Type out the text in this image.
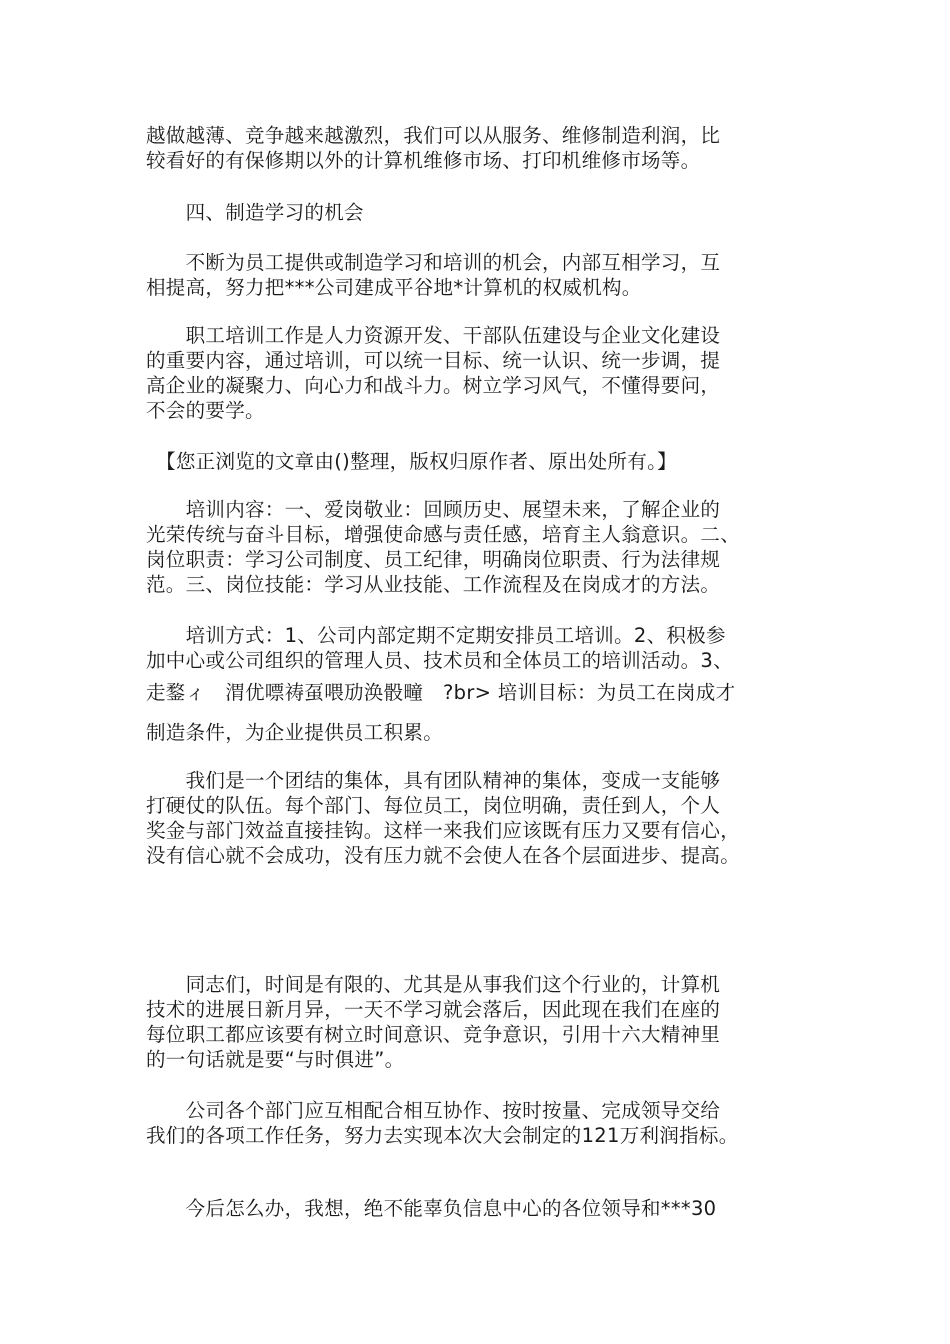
越做越薄、竞争越来越激烈，我们可以从服务、维修制造利润，比
较看好的有保修期以外的计算机维修市场、打印机维修市场等。
　　四、制造学习的机会
　　不断为员工提供或制造学习和培训的机会，内部互相学习，互
相提高，努力把***公司建成平谷地*计算机的权威机构。
　　职工培训工作是人力资源开发、干部队伍建设与企业文化建设
的重要内容，通过培训，可以统一目标、统一认识、统一步调，提
高企业的凝聚力、向心力和战斗力。树立学习风气，不懂得要问，
不会的要学。
　【您正浏览的文章由()整理，版权归原作者、原出处所有。】
　　培训内容：一、爱岗敬业：回顾历史、展望未来，了解企业的
光荣传统与奋斗目标，增强使命感与责任感，培育主人翁意识。二、
岗位职责：学习公司制度、员工纪律，明确岗位职责、行为法律规
范。三、岗位技能：学习从业技能、工作流程及在岗成才的方法。
　　培训方式：1、公司内部定期不定期安排员工培训。2、积极参
加中心或公司组织的管理人员、技术员和全体员工的培训活动。3、
走鍪ィ　渭优嘌祷虿喂劢涣骰疃　?br> 培训目标：为员工在岗成才
制造条件，为企业提供员工积累。
　　我们是一个团结的集体，具有团队精神的集体，变成一支能够
打硬仗的队伍。每个部门、每位员工，岗位明确，责任到人，个人
奖金与部门效益直接挂钩。这样一来我们应该既有压力又要有信心，
没有信心就不会成功，没有压力就不会使人在各个层面进步、提高。
　　同志们，时间是有限的、尤其是从事我们这个行业的，计算机
技术的进展日新月异，一天不学习就会落后，因此现在我们在座的
每位职工都应该要有树立时间意识、竞争意识，引用十六大精神里
的一句话就是要“与时俱进”。
　　公司各个部门应互相配合相互协作、按时按量、完成领导交给
我们的各项工作任务，努力去实现本次大会制定的121万利润指标。
　　今后怎么办，我想，绝不能辜负信息中心的各位领导和***30
